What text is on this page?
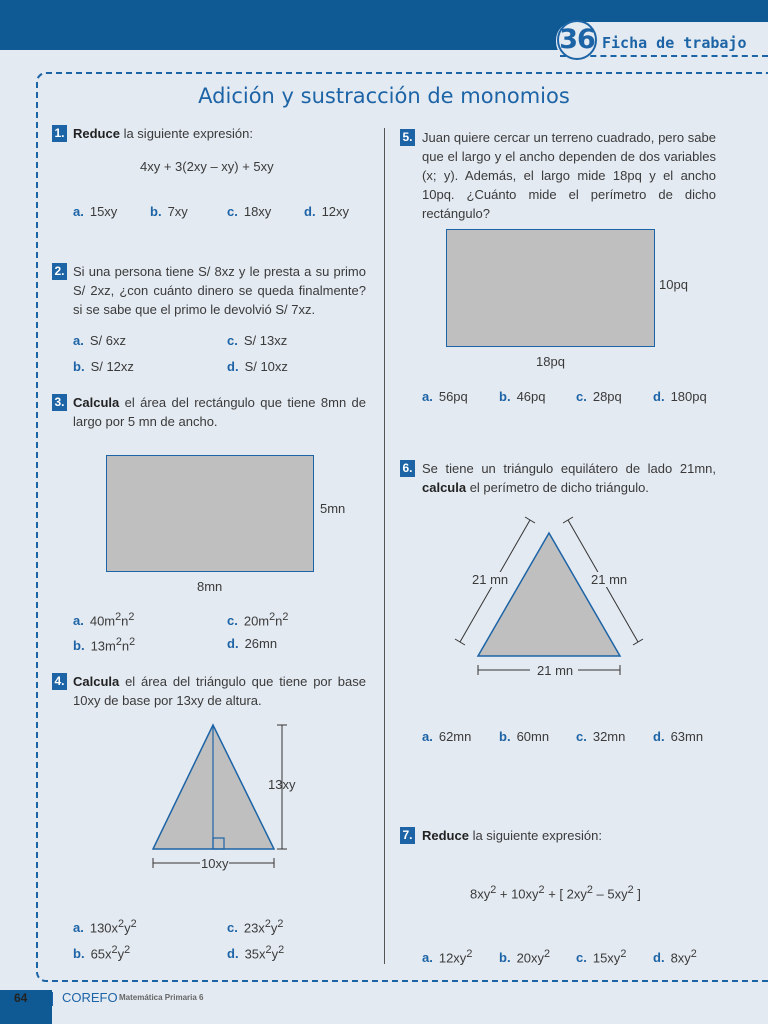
36 Ficha de trabajo
Adición y sustracción de monomios
1. Reduce la siguiente expresión:
4xy + 3(2xy – xy) + 5xy
a. 15xy	b. 7xy	c. 18xy	d. 12xy
2. Si una persona tiene S/ 8xz y le presta a su primo S/ 2xz, ¿con cuánto dinero se queda finalmente? si se sabe que el primo le devolvió S/ 7xz.
a. S/ 6xz
b. S/ 12xz
c. S/ 13xz
d. S/ 10xz
3. Calcula el área del rectángulo que tiene 8mn de largo por 5 mn de ancho.
5mn
8mn
a. $40m^2n^2$
b. $13m^2n^2$
c. $20m^2n^2$
d. 26mn
4. Calcula el área del triángulo que tiene por base 10xy de base por 13xy de altura.
13xy
10xy
a. $130x^2y^2$
b. $65x^2y^2$
c. $23x^2y^2$
d. $35x^2y^2$
5. Juan quiere cercar un terreno cuadrado, pero sabe que el largo y el ancho dependen de dos variables (x; y). Además, el largo mide 18pq y el ancho 10pq. ¿Cuánto mide el perímetro de dicho rectángulo?
10pq
18pq
a. 56pq b. 46pq c. 28pq d. 180pq
6. Se tiene un triángulo equilátero de lado 21mn, calcula el perímetro de dicho triángulo.
21 mn	21 mn
21 mn
a. 62mn b. 60mn c. 32mn d. 63mn
7. Reduce la siguiente expresión:
$8xy^2 + 10xy^2$ + [ $2xy^2 - 5xy^2$ ]
a. $12xy^2$ b. $20xy^2$ c. $15xy^2$ d. $8xy^2$
64	COREFO Matemática Primaria 6
